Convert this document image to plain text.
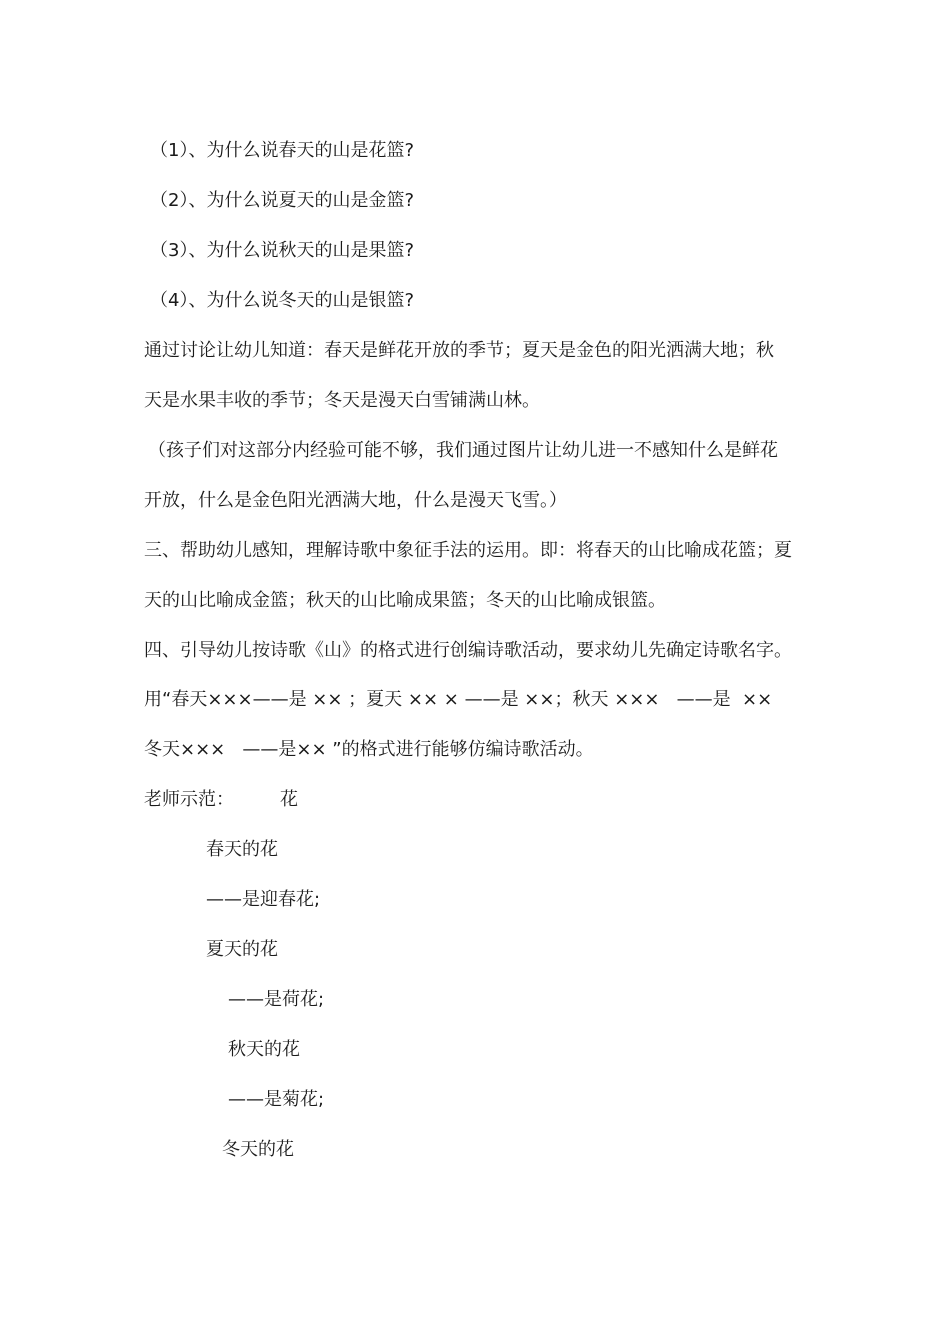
（1）、为什么说春天的山是花篮?
（2）、为什么说夏天的山是金篮?
（3）、为什么说秋天的山是果篮?
（4）、为什么说冬天的山是银篮?
通过讨论让幼儿知道：春天是鲜花开放的季节；夏天是金色的阳光洒满大地；秋
天是水果丰收的季节；冬天是漫天白雪铺满山林。
（孩子们对这部分内经验可能不够，我们通过图片让幼儿进一不感知什么是鲜花
开放，什么是金色阳光洒满大地，什么是漫天飞雪。）
三、帮助幼儿感知，理解诗歌中象征手法的运用。即：将春天的山比喻成花篮；夏
天的山比喻成金篮；秋天的山比喻成果篮；冬天的山比喻成银篮。
四、引导幼儿按诗歌《山》的格式进行创编诗歌活动，要求幼儿先确定诗歌名字。
用“春天×××——是 ×× ；夏天 ×× × ——是 ××；秋天 ×××   ——是  ××
冬天×××   ——是×× ”的格式进行能够仿编诗歌活动。
老师示范：	花
春天的花
——是迎春花;
夏天的花
——是荷花;
秋天的花
——是菊花;
冬天的花
